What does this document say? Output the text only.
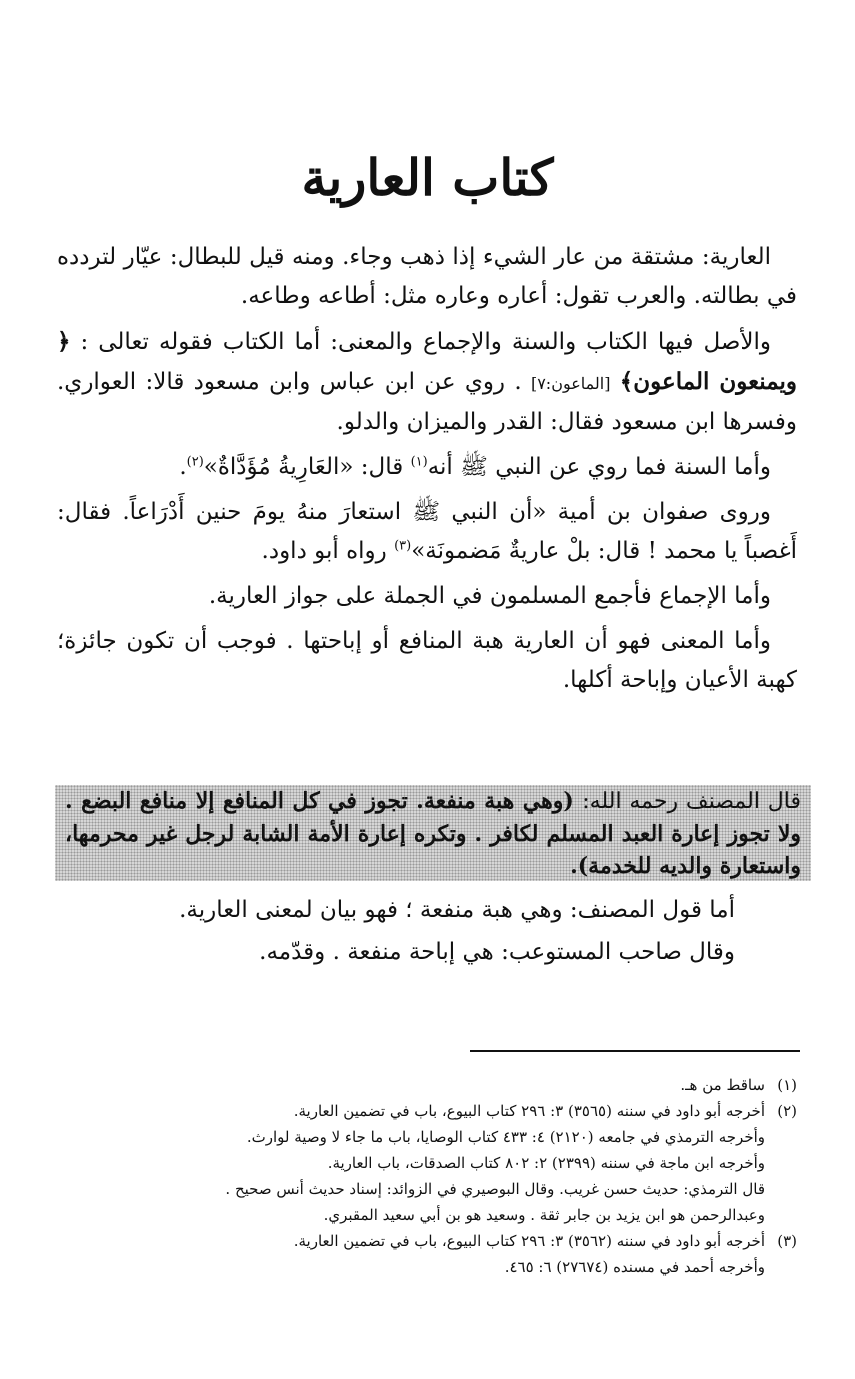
كتاب العارية

العارية: مشتقة من عار الشيء إذا ذهب وجاء. ومنه قيل للبطال: عيّار لتردده في بطالته. والعرب تقول: أعاره وعاره مثل: أطاعه وطاعه.

والأصل فيها الكتاب والسنة والإجماع والمعنى: أما الكتاب فقوله تعالى : ﴿ ويمنعون الماعون﴾ [الماعون:٧] . روي عن ابن عباس وابن مسعود قالا: العواري. وفسرها ابن مسعود فقال: القدر والميزان والدلو.

وأما السنة فما روي عن النبي ﷺ أنه$^{(١)}$ قال: «العَارِيةُ مُؤَدَّاةٌ»$^{(٢)}$.

وروى صفوان بن أمية «أن النبي ﷺ استعارَ منهُ يومَ حنين أَدْرَاعاً. فقال: أَغصباً يا محمد ! قال: بلْ عاريةٌ مَضمونَة»$^{(٣)}$ رواه أبو داود.

وأما الإجماع فأجمع المسلمون في الجملة على جواز العارية.

وأما المعنى فهو أن العارية هبة المنافع أو إباحتها . فوجب أن تكون جائزة؛ كهبة الأعيان وإباحة أكلها.

قال المصنف رحمه الله: (وهي هبة منفعة. تجوز في كل المنافع إلا منافع البضع . ولا تجوز إعارة العبد المسلم لكافر . وتكره إعارة الأمة الشابة لرجل غير محرمها، واستعارة والديه للخدمة).

أما قول المصنف: وهي هبة منفعة ؛ فهو بيان لمعنى العارية.

وقال صاحب المستوعب: هي إباحة منفعة . وقدّمه.

(١)ساقط من هـ.

(٢)أخرجه أبو داود في سننه (٣٥٦٥) ٣: ٢٩٦ كتاب البيوع، باب في تضمين العارية.

وأخرجه الترمذي في جامعه (٢١٢٠) ٤: ٤٣٣ كتاب الوصايا، باب ما جاء لا وصية لوارث.

وأخرجه ابن ماجة في سننه (٢٣٩٩) ٢: ٨٠٢ كتاب الصدقات، باب العارية.

قال الترمذي: حديث حسن غريب. وقال البوصيري في الزوائد: إسناد حديث أنس صحيح .

وعبدالرحمن هو ابن يزيد بن جابر ثقة . وسعيد هو بن أبي سعيد المقبري.

(٣)أخرجه أبو داود في سننه (٣٥٦٢) ٣: ٢٩٦ كتاب البيوع، باب في تضمين العارية.

وأخرجه أحمد في مسنده (٢٧٦٧٤) ٦: ٤٦٥.
